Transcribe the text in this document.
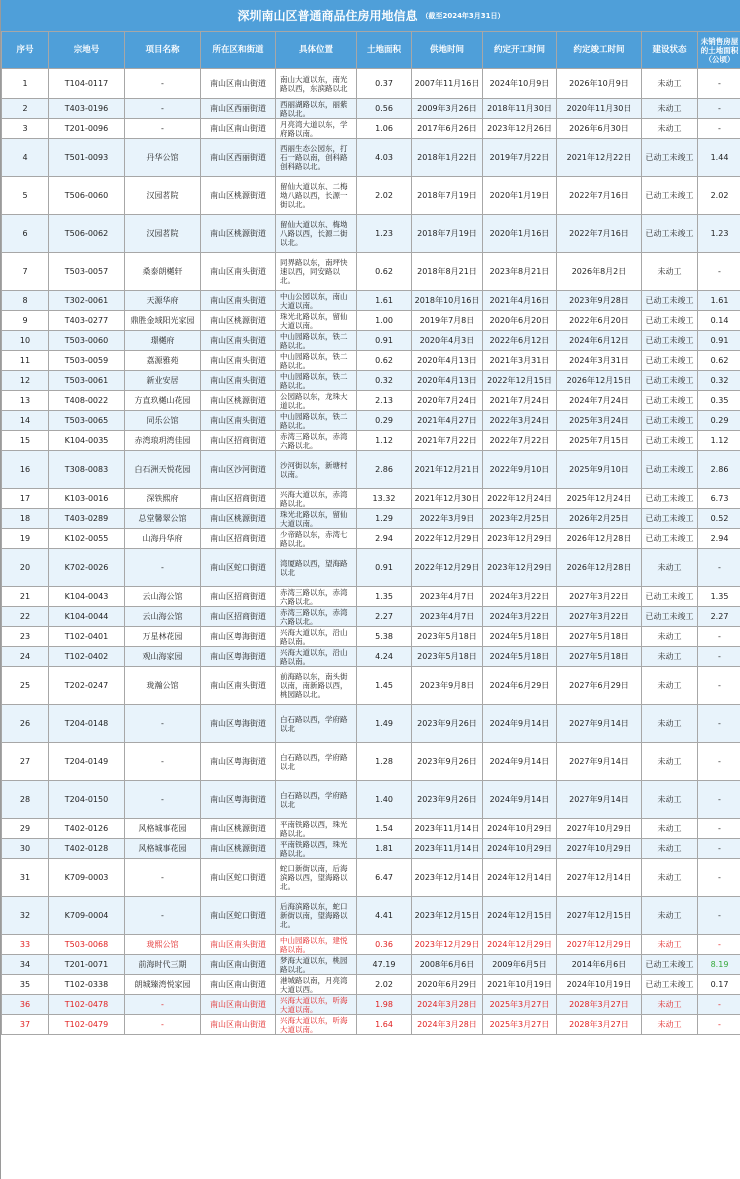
深圳南山区普通商品住房用地信息 （截至2024年3月31日）
序号	宗地号	项目名称	所在区和街道	具体位置	土地面积	供地时间	约定开工时间	约定竣工时间	建设状态	未销售房屋的土地面积（公顷）
1	T104-0117	-	南山区南山街道	南山大道以东，南光路以西，东滨路以北	0.37	2007年11月16日	2024年10月9日	2026年10月9日	未动工	-
2	T403-0196	-	南山区西丽街道	西丽湖路以东，丽紫路以北。	0.56	2009年3月26日	2018年11月30日	2020年11月30日	未动工	-
3	T201-0096	-	南山区南山街道	月亮湾大道以东，学府路以南。	1.06	2017年6月26日	2023年12月26日	2026年6月30日	未动工	-
4	T501-0093	丹华公馆	南山区西丽街道	西丽生态公园东，打石一路以南，创科路创科路以北。	4.03	2018年1月22日	2019年7月22日	2021年12月22日	已动工未竣工	1.44
5	T506-0060	汉园茗院	南山区桃源街道	留仙大道以东、二梅坳八路以西，长源一街以北。	2.02	2018年7月19日	2020年1月19日	2022年7月16日	已动工未竣工	2.02
6	T506-0062	汉园茗院	南山区桃源街道	留仙大道以东、梅坳八路以西，长源二街以北。	1.23	2018年7月19日	2020年1月16日	2022年7月16日	已动工未竣工	1.23
7	T503-0057	桑泰朗樾轩	南山区南头街道	同界路以东，南坪快速以西，同安路以北。	0.62	2018年8月21日	2023年8月21日	2026年8月2日	未动工	-
8	T302-0061	天源华府	南山区南头街道	中山公园以东，南山大道以南。	1.61	2018年10月16日	2021年4月16日	2023年9月28日	已动工未竣工	1.61
9	T403-0277	鼎胜金域阳光家园	南山区桃源街道	珠光北路以东，留仙大道以南。	1.00	2019年7月8日	2020年6月20日	2022年6月20日	已动工未竣工	0.14
10	T503-0060	璟樾府	南山区南头街道	中山园路以东，铁二路以北。	0.91	2020年4月3日	2022年6月12日	2024年6月12日	已动工未竣工	0.91
11	T503-0059	荔源雅苑	南山区南头街道	中山园路以东，铁二路以北。	0.62	2020年4月13日	2021年3月31日	2024年3月31日	已动工未竣工	0.62
12	T503-0061	新业安居	南山区南头街道	中山园路以东，铁二路以北。	0.32	2020年4月13日	2022年12月15日	2026年12月15日	已动工未竣工	0.32
13	T408-0022	方直玖樾山花园	南山区桃源街道	公园路以东，龙珠大道以北。	2.13	2020年7月24日	2021年7月24日	2024年7月24日	已动工未竣工	0.35
14	T503-0065	同乐公馆	南山区南头街道	中山园路以东，铁二路以北。	0.29	2021年4月27日	2022年3月24日	2025年3月24日	已动工未竣工	0.29
15	K104-0035	赤湾琅玥湾佳园	南山区招商街道	赤湾三路以东，赤湾六路以北。	1.12	2021年7月22日	2022年7月22日	2025年7月15日	已动工未竣工	1.12
16	T308-0083	白石洲天悦花园	南山区沙河街道	沙河街以东，新塘村以南。	2.86	2021年12月21日	2022年9月10日	2025年9月10日	已动工未竣工	2.86
17	K103-0016	深铁熙府	南山区招商街道	兴海大道以东，赤湾路以北。	13.32	2021年12月30日	2022年12月24日	2025年12月24日	已动工未竣工	6.73
18	T403-0289	总堂馨翠公馆	南山区桃源街道	珠光北路以东，留仙大道以南。	1.29	2022年3月9日	2023年2月25日	2026年2月25日	已动工未竣工	0.52
19	K102-0055	山海丹华府	南山区招商街道	少帝路以东，赤湾七路以北。	2.94	2022年12月29日	2023年12月29日	2026年12月28日	已动工未竣工	2.94
20	K702-0026	-	南山区蛇口街道	湾厦路以西，望海路以北	0.91	2022年12月29日	2023年12月29日	2026年12月28日	未动工	-
21	K104-0043	云山海公馆	南山区招商街道	赤湾三路以东，赤湾六路以北。	1.35	2023年4月7日	2024年3月22日	2027年3月22日	已动工未竣工	1.35
22	K104-0044	云山海公馆	南山区招商街道	赤湾三路以东，赤湾六路以北。	2.27	2023年4月7日	2024年3月22日	2027年3月22日	已动工未竣工	2.27
23	T102-0401	万星林花园	南山区粤海街道	兴海大道以东，沿山路以南。	5.38	2023年5月18日	2024年5月18日	2027年5月18日	未动工	-
24	T102-0402	观山海家园	南山区粤海街道	兴海大道以东，沿山路以南。	4.24	2023年5月18日	2024年5月18日	2027年5月18日	未动工	-
25	T202-0247	珑瀚公馆	南山区南头街道	前海路以东，南头街以南，南新路以西，桃园路以北。	1.45	2023年9月8日	2024年6月29日	2027年6月29日	未动工	-
26	T204-0148	-	南山区粤海街道	白石路以西，学府路以北	1.49	2023年9月26日	2024年9月14日	2027年9月14日	未动工	-
27	T204-0149	-	南山区粤海街道	白石路以西，学府路以北	1.28	2023年9月26日	2024年9月14日	2027年9月14日	未动工	-
28	T204-0150	-	南山区粤海街道	白石路以西，学府路以北	1.40	2023年9月26日	2024年9月14日	2027年9月14日	未动工	-
29	T402-0126	风格城事花园	南山区桃源街道	平南铁路以西，珠光路以北。	1.54	2023年11月14日	2024年10月29日	2027年10月29日	未动工	-
30	T402-0128	风格城事花园	南山区桃源街道	平南铁路以西，珠光路以北。	1.81	2023年11月14日	2024年10月29日	2027年10月29日	未动工	-
31	K709-0003	-	南山区蛇口街道	蛇口新街以南，后海滨路以西，望海路以北。	6.47	2023年12月14日	2024年12月14日	2027年12月14日	未动工	-
32	K709-0004	-	南山区蛇口街道	后海滨路以东，蛇口新街以南，望海路以北。	4.41	2023年12月15日	2024年12月15日	2027年12月15日	未动工	-
33	T503-0068	珑熙公馆	南山区南头街道	中山园路以东，建悦路以南。	0.36	2023年12月29日	2024年12月29日	2027年12月29日	未动工	-
34	T201-0071	前海时代三期	南山区南山街道	梦海大道以东，桃园路以北。	47.19	2008年6月6日	2009年6月5日	2014年6月6日	已动工未竣工	8.19
35	T102-0338	朗城臻湾悦家园	南山区南山街道	港城路以南，月亮湾大道以西。	2.02	2020年6月29日	2021年10月19日	2024年10月19日	已动工未竣工	0.17
36	T102-0478	-	南山区南山街道	兴海大道以东，听海大道以南。	1.98	2024年3月28日	2025年3月27日	2028年3月27日	未动工	-
37	T102-0479	-	南山区南山街道	兴海大道以东，听海大道以南。	1.64	2024年3月28日	2025年3月27日	2028年3月27日	未动工	-
